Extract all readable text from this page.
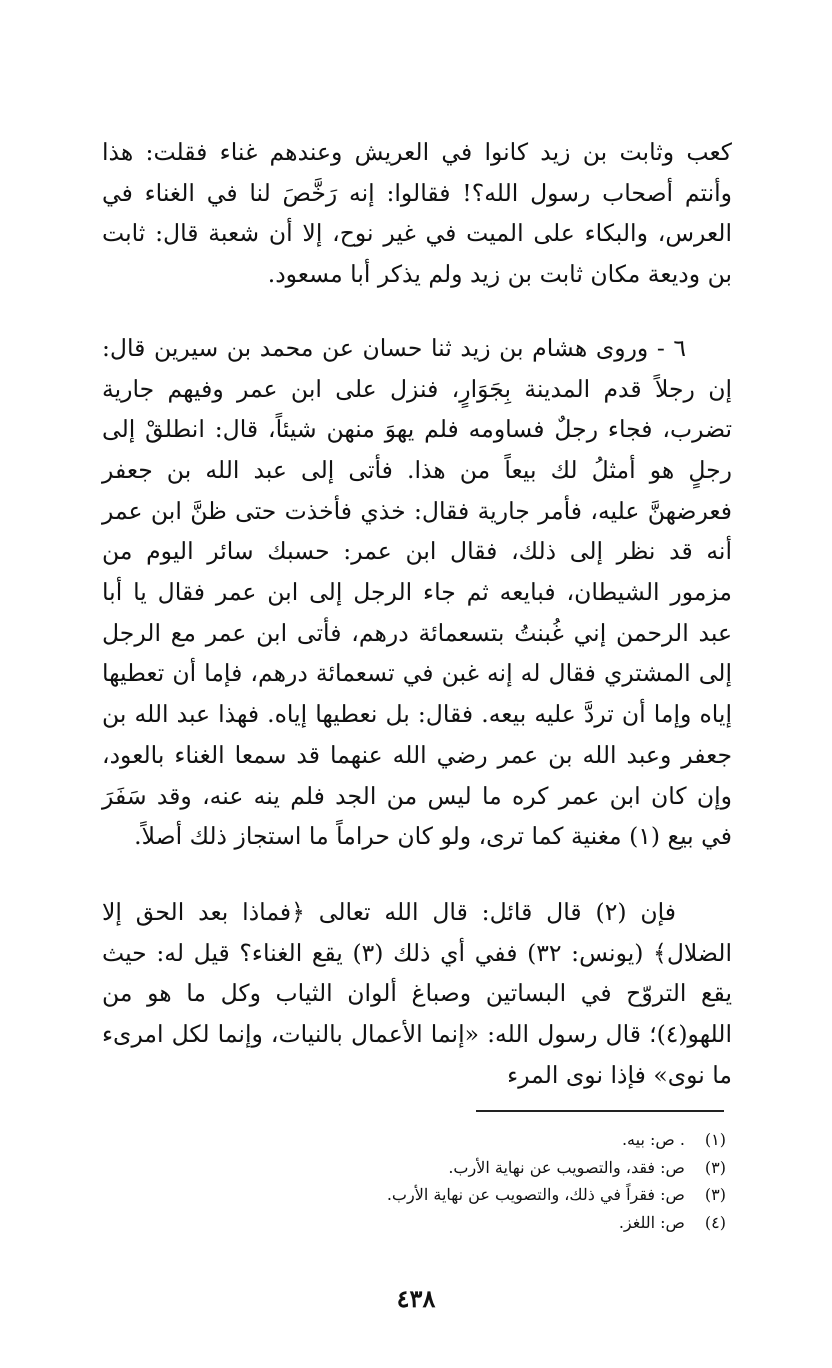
كعب وثابت بن زيد كانوا في العريش وعندهم غناء فقلت: هذا وأنتم أصحاب رسول الله؟! فقالوا: إنه رَخَّصَ لنا في الغناء في العرس، والبكاء على الميت في غير نوح، إلا أن شعبة قال: ثابت بن وديعة مكان ثابت بن زيد ولم يذكر أبا مسعود.

٦ - وروى هشام بن زيد ثنا حسان عن محمد بن سيرين قال: إن رجلاً قدم المدينة بِجَوَارٍ، فنزل على ابن عمر وفيهم جارية تضرب، فجاء رجلٌ فساومه فلم يهوَ منهن شيئاً، قال: انطلقْ إلى رجلٍ هو أمثلُ لك بيعاً من هذا. فأتى إلى عبد الله بن جعفر فعرضهنَّ عليه، فأمر جارية فقال: خذي فأخذت حتى ظنَّ ابن عمر أنه قد نظر إلى ذلك، فقال ابن عمر: حسبك سائر اليوم من مزمور الشيطان، فبايعه ثم جاء الرجل إلى ابن عمر فقال يا أبا عبد الرحمن إني غُبنتُ بتسعمائة درهم، فأتى ابن عمر مع الرجل إلى المشتري فقال له إنه غبن في تسعمائة درهم، فإما أن تعطيها إياه وإما أن تردَّ عليه بيعه. فقال: بل نعطيها إياه. فهذا عبد الله بن جعفر وعبد الله بن عمر رضي الله عنهما قد سمعا الغناء بالعود، وإن كان ابن عمر كره ما ليس من الجد فلم ينه عنه، وقد سَفَرَ في بيع (١) مغنية كما ترى، ولو كان حراماً ما استجاز ذلك أصلاً.

فإن (٢) قال قائل: قال الله تعالى ﴿فماذا بعد الحق إلا الضلال﴾ (يونس: ٣٢) ففي أي ذلك (٣) يقع الغناء؟ قيل له: حيث يقع التروّح في البساتين وصباغ ألوان الثياب وكل ما هو من اللهو(٤)؛ قال رسول الله: «إنما الأعمال بالنيات، وإنما لكل امرىء ما نوى» فإذا نوى المرء

(١) . ص: بيه.
(٣) ص: فقد، والتصويب عن نهاية الأرب.
(٣) ص: فقراً في ذلك، والتصويب عن نهاية الأرب.
(٤) ص: اللغز.
٤٣٨
